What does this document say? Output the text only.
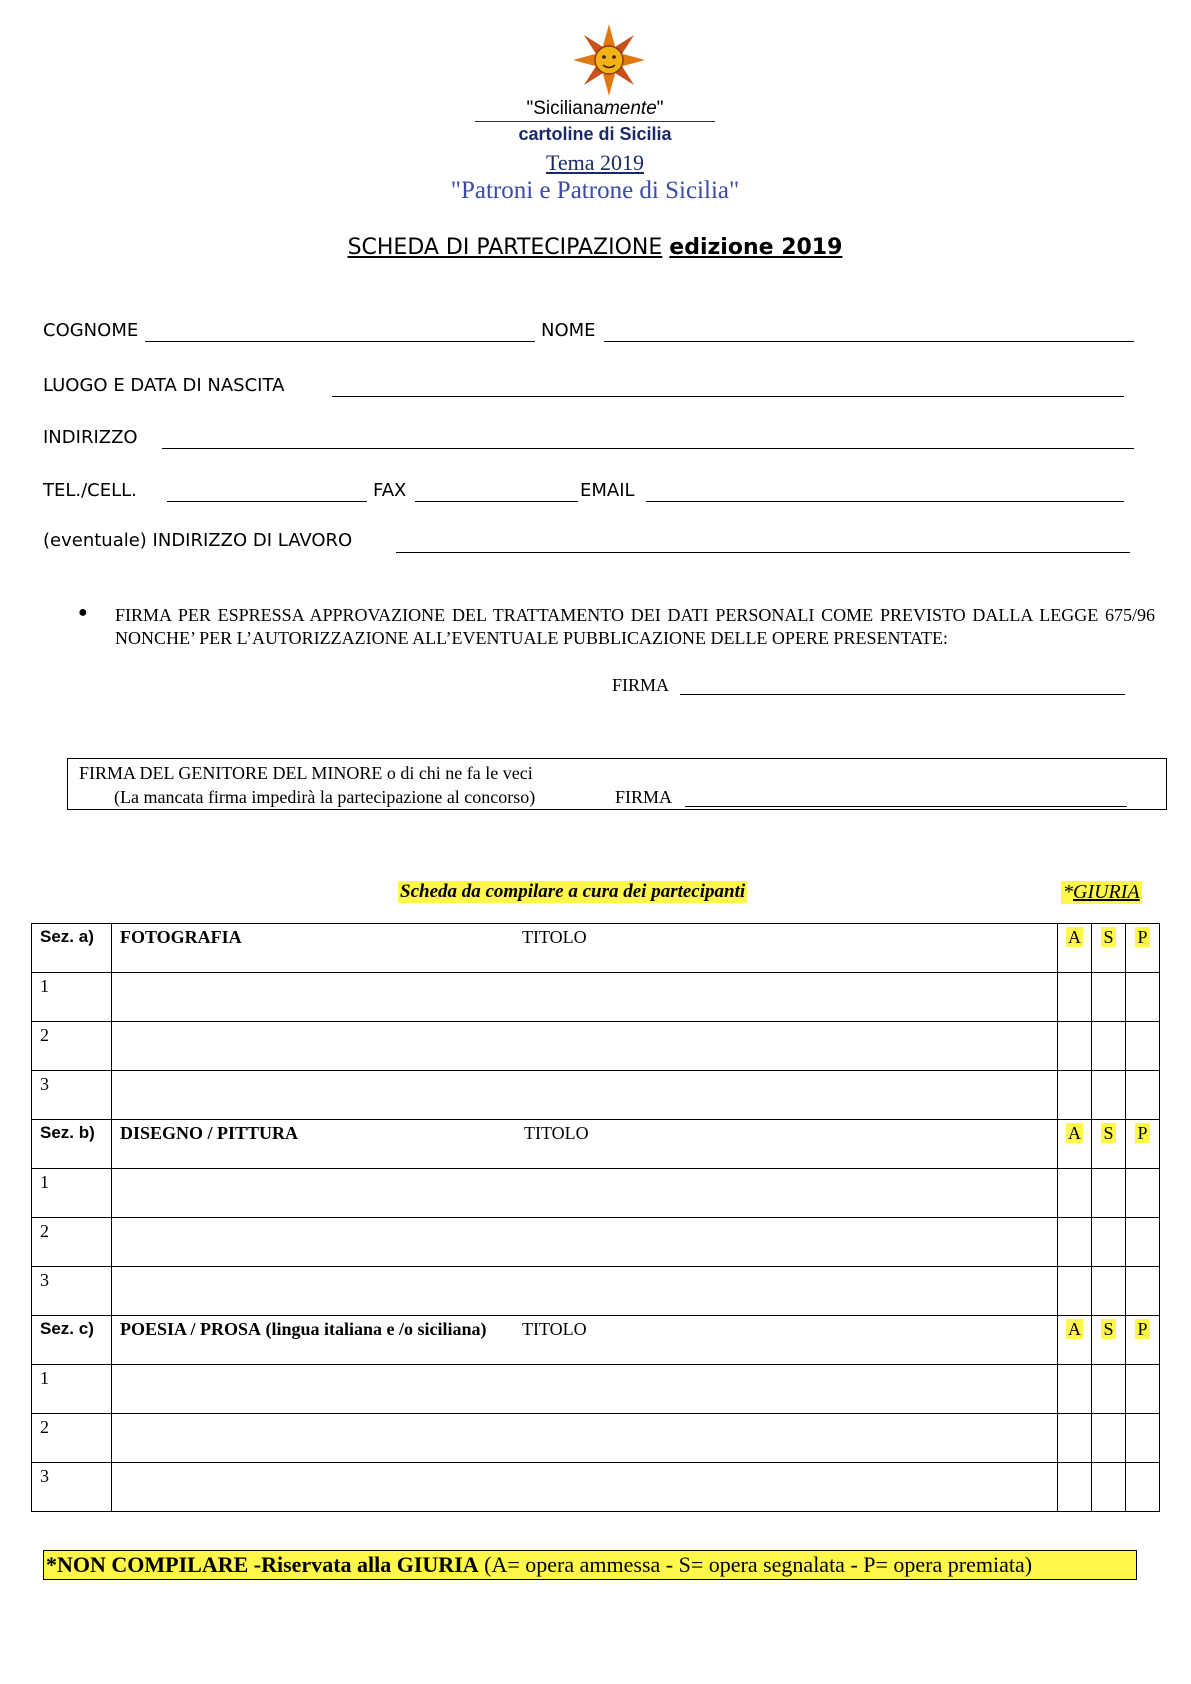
"Sicilianamente"
cartoline di Sicilia
Tema 2019
"Patroni e Patrone di Sicilia"
SCHEDA DI PARTECIPAZIONE edizione 2019
COGNOME	NOME
LUOGO E DATA DI NASCITA
INDIRIZZO
TEL./CELL.	FAX	EMAIL
(eventuale) INDIRIZZO DI LAVORO
● FIRMA PER ESPRESSA APPROVAZIONE DEL TRATTAMENTO DEI DATI PERSONALI COME PREVISTO DALLA LEGGE 675/96 NONCHE’ PER L’AUTORIZZAZIONE ALL’EVENTUALE PUBBLICAZIONE DELLE OPERE PRESENTATE:
FIRMA
FIRMA DEL GENITORE DEL MINORE o di chi ne fa le veci
(La mancata firma impedirà la partecipazione al concorso)	FIRMA
Scheda da compilare a cura dei partecipanti	*GIURIA
Sez. a)	FOTOGRAFIA TITOLO	A	S	P
1				
2				
3				
Sez. b)	DISEGNO / PITTURA TITOLO	A	S	P
1				
2				
3				
Sez. c)	POESIA / PROSA (lingua italiana e /o siciliana) TITOLO	A	S	P
1				
2				
3				
*NON COMPILARE -Riservata alla GIURIA (A= opera ammessa - S= opera segnalata - P= opera premiata)
